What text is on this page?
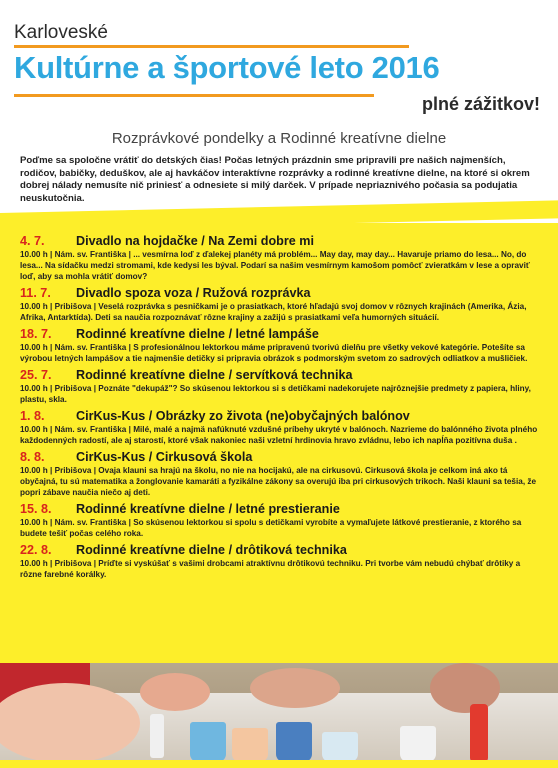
Karloveské
Kultúrne a športové leto 2016
plné zážitkov!
Rozprávkové pondelky a Rodinné kreatívne dielne
Poďme sa spoločne vrátiť do detských čias! Počas letných prázdnin sme pripravili pre našich najmenších, rodičov, babičky, deduškov, ale aj havkáčov interaktívne rozprávky a rodinné kreatívne dielne, na ktoré si okrem dobrej nálady nemusíte nič priniesť a odnesiete si milý darček. V prípade nepriaznivého počasia sa podujatia neuskutočnia.
4. 7.	Divadlo na hojdačke / Na Zemi dobre mi
10.00 h | Nám. sv. Františka | ... vesmírna loď z ďalekej planéty má problém... May day, may day... Havaruje priamo do lesa... No, do lesa... Na sídačku medzi stromami, kde kedysi les býval. Podarí sa našim vesmírnym kamošom pomôcť zvieratkám v lese a opraviť loď, aby sa mohla vrátiť domov?
11. 7.	Divadlo spoza voza / Ružová rozprávka
10.00 h | Pribišova | Veselá rozprávka s pesničkami je o prasiatkach, ktoré hľadajú svoj domov v rôznych krajinách (Amerika, Ázia, Afrika, Antarktída). Deti sa naučia rozpoznávať rôzne krajiny a zažijú s prasiatkami veľa humorných situácií.
18. 7.	Rodinné kreatívne dielne / letné lampáše
10.00 h | Nám. sv. Františka | S profesionálnou lektorkou máme pripravenú tvorivú dielňu pre všetky vekové kategórie. Potešíte sa výrobou letných lampášov a tie najmenšie detičky si pripravia obrázok s podmorským svetom zo sadrových odliatkov a mušličiek.
25. 7.	Rodinné kreatívne dielne / servítková technika
10.00 h | Pribišova | Poznáte "dekupáž"? So skúsenou lektorkou si s detičkami nadekorujete najrôznejšie predmety z papiera, hliny, plastu, skla.
1. 8.	CirKus-Kus / Obrázky zo života (ne)obyčajných balónov
10.00 h | Nám. sv. Františka | Milé, malé a najmä nafúknuté vzdušné príbehy ukryté v balónoch. Nazrieme do balónného života plného každodenných radostí, ale aj starostí, ktoré však nakoniec naši vzletní hrdinovia hravo zvládnu, lebo ich napĺňa pozitívna duša .
8. 8.	CirKus-Kus / Cirkusová škola
10.00 h | Pribišova | Ovaja klauni sa hrajú na školu, no nie na hocijakú, ale na cirkusovú. Cirkusová škola je celkom iná ako tá obyčajná, tu sú matematika a žonglovanie kamaráti a fyzikálne zákony sa overujú iba pri cirkusových trikoch. Naši klauni sa tešia, že popri zábave naučia niečo aj deti.
15. 8.	Rodinné kreatívne dielne / letné prestieranie
10.00 h | Nám. sv. Františka | So skúsenou lektorkou si spolu s detičkami vyrobíte a vymaľujete látkové prestieranie, z ktorého sa budete tešiť počas celého roka.
22. 8.	Rodinné kreatívne dielne / drôtiková technika
10.00 h | Pribišova | Príďte si vyskúšať s vašimi drobcami atraktívnu drôtikovú techniku. Pri tvorbe vám nebudú chýbať drôtiky a rôzne farebné korálky.
